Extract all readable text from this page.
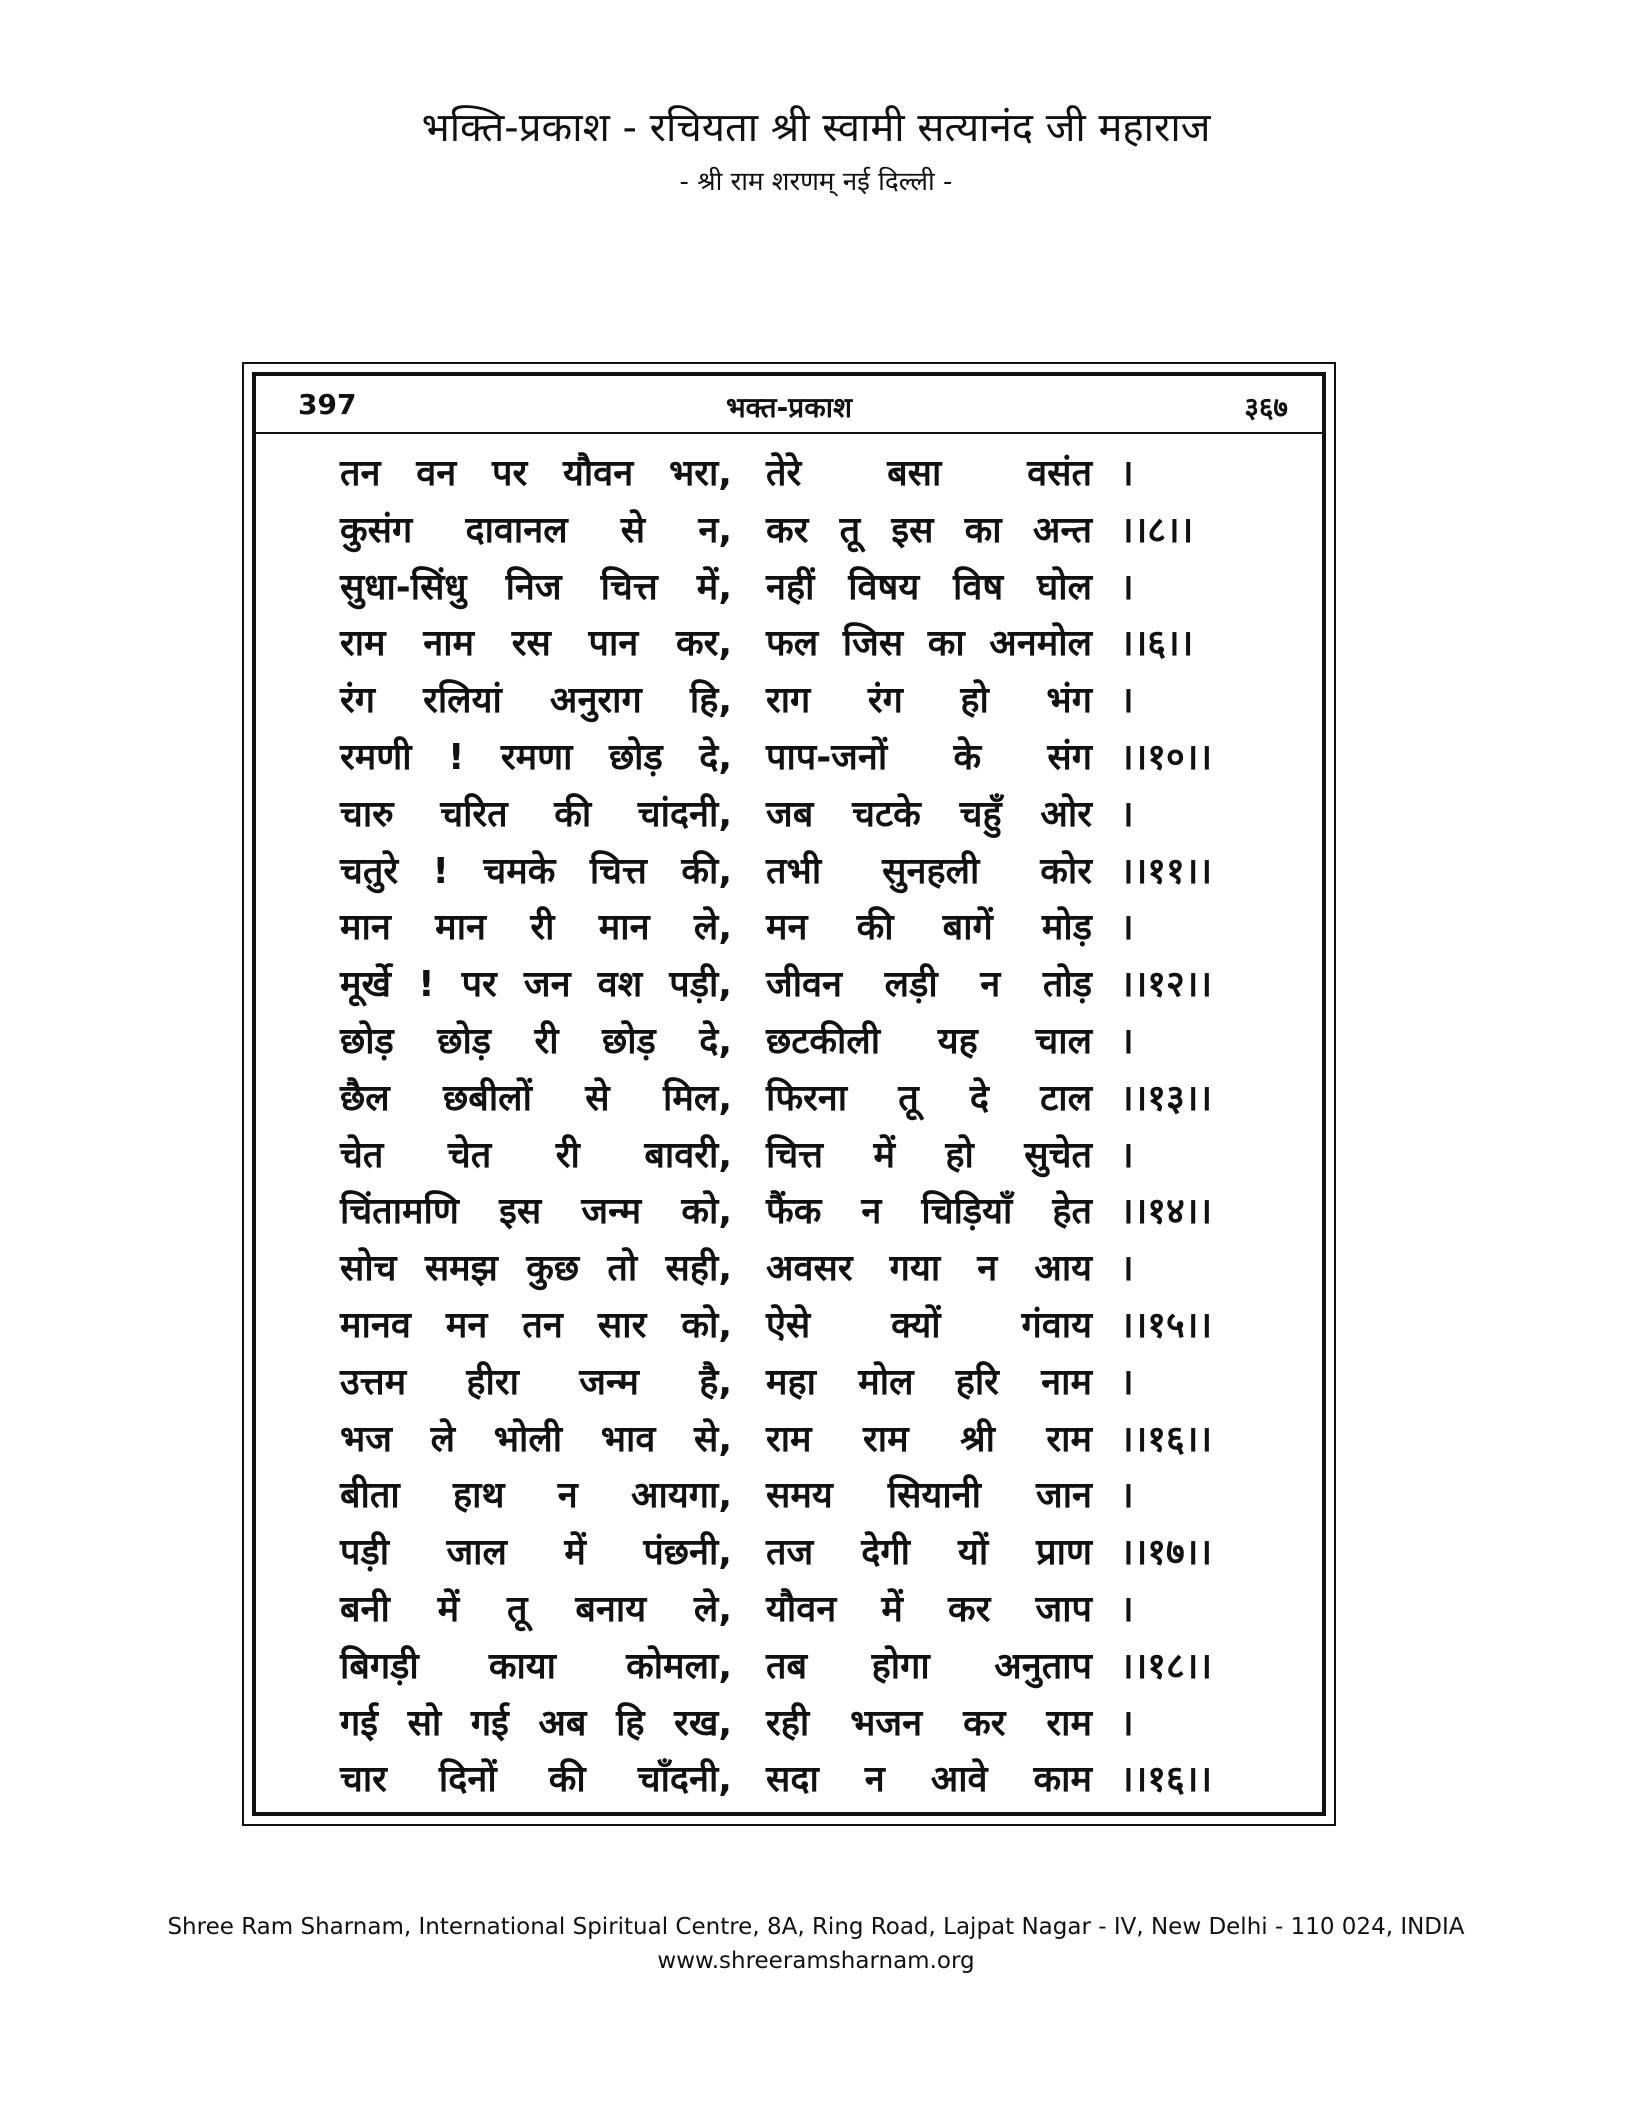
भक्ति-प्रकाश - रचियता श्री स्वामी सत्यानंद जी महाराज
- श्री राम शरणम् नई दिल्ली -
397	भक्त-प्रकाश	३६७
तन वन पर यौवन भरा, तेरे बसा वसंत ।
कुसंग दावानल से न, कर तू इस का अन्त ।।८।।
सुधा-सिंधु निज चित्त में, नहीं विषय विष घोल ।
राम नाम रस पान कर, फल जिस का अनमोल ।।६।।
रंग रलियां अनुराग हि, राग रंग हो भंग ।
रमणी ! रमणा छोड़ दे, पाप-जनों के संग ।।१०।।
चारु चरित की चांदनी, जब चटके चहुँ ओर ।
चतुरे ! चमके चित्त की, तभी सुनहली कोर ।।११।।
मान मान री मान ले, मन की बागें मोड़ ।
मूर्खे ! पर जन वश पड़ी, जीवन लड़ी न तोड़ ।।१२।।
छोड़ छोड़ री छोड़ दे, छटकीली यह चाल ।
छैल छबीलों से मिल, फिरना तू दे टाल ।।१३।।
चेत चेत री बावरी, चित्त में हो सुचेत ।
चिंतामणि इस जन्म को, फैंक न चिड़ियाँ हेत ।।१४।।
सोच समझ कुछ तो सही, अवसर गया न आय ।
मानव मन तन सार को, ऐसे क्यों गंवाय ।।१५।।
उत्तम हीरा जन्म है, महा मोल हरि नाम ।
भज ले भोली भाव से, राम राम श्री राम ।।१६।।
बीता हाथ न आयगा, समय सियानी जान ।
पड़ी जाल में पंछनी, तज देगी यों प्राण ।।१७।।
बनी में तू बनाय ले, यौवन में कर जाप ।
बिगड़ी काया कोमला, तब होगा अनुताप ।।१८।।
गई सो गई अब हि रख, रही भजन कर राम ।
चार दिनों की चाँदनी, सदा न आवे काम ।।१६।।
Shree Ram Sharnam, International Spiritual Centre, 8A, Ring Road, Lajpat Nagar - IV, New Delhi - 110 024, INDIA
www.shreeramsharnam.org
